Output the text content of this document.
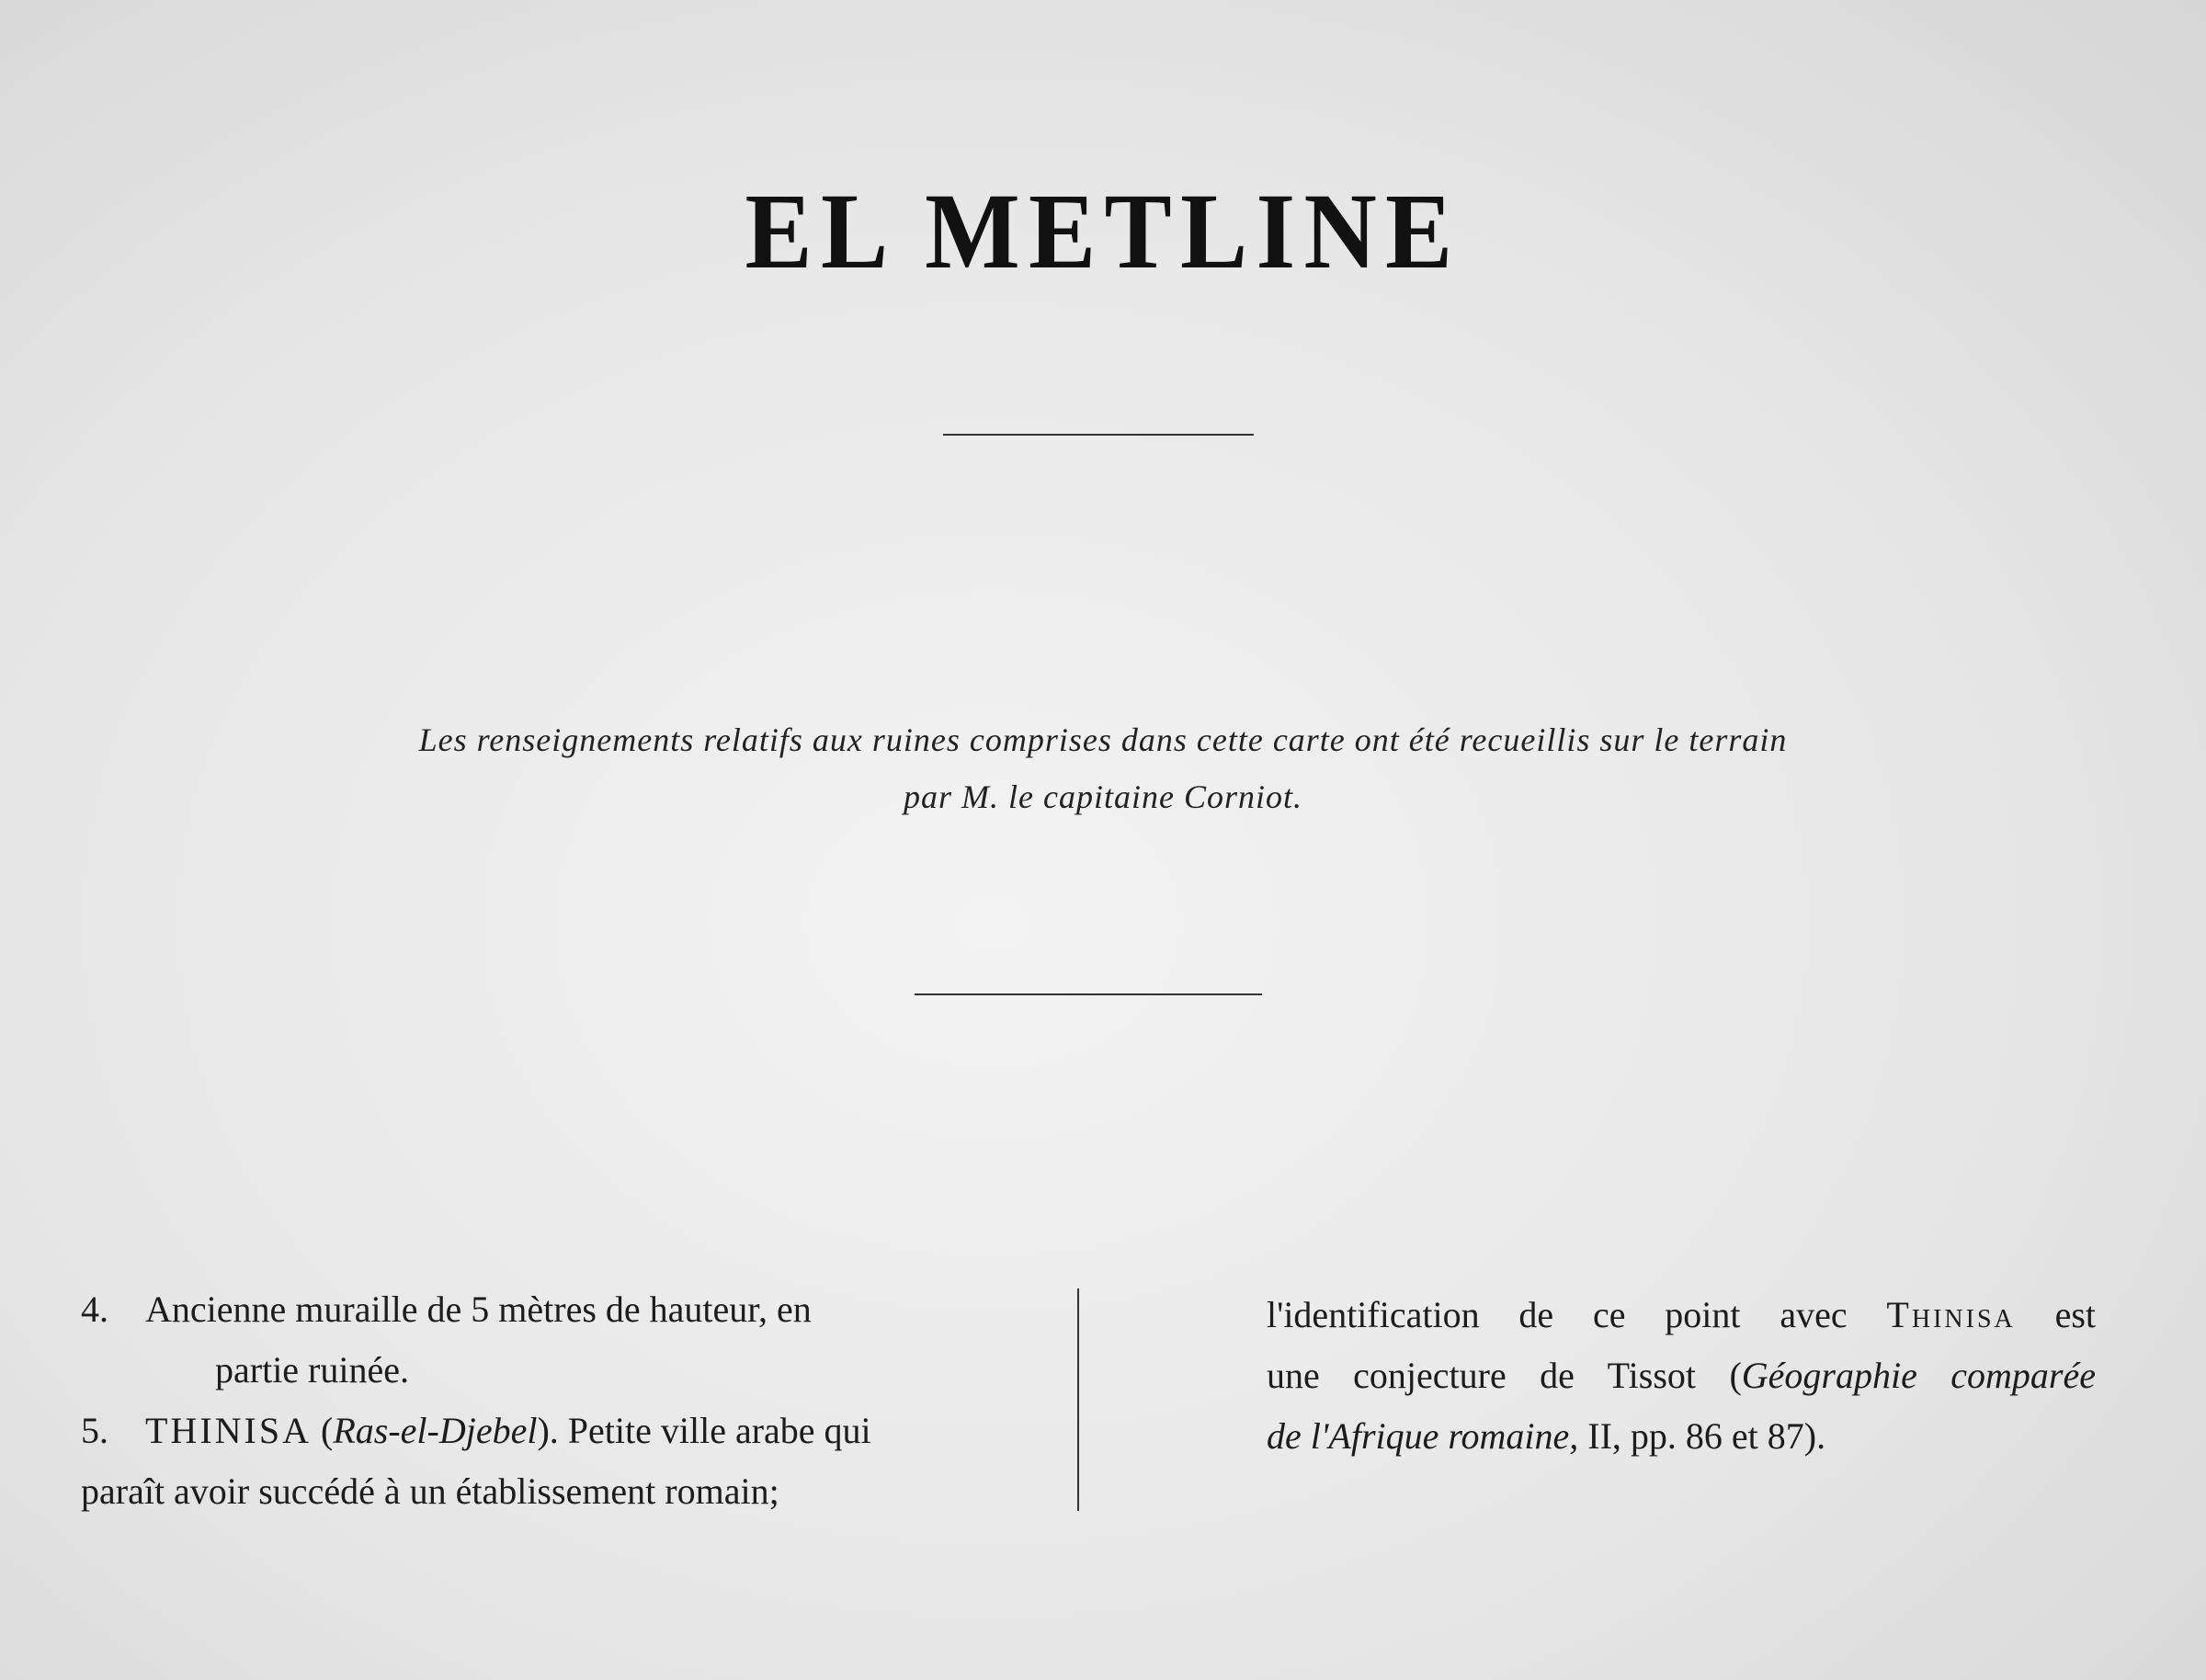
EL METLINE
Les renseignements relatifs aux ruines comprises dans cette carte ont été recueillis sur le terrain
par M. le capitaine Corniot.
4. Ancienne muraille de 5 mètres de hauteur, en
partie ruinée.
5. THINISA (Ras-el-Djebel). Petite ville arabe qui
paraît avoir succédé à un établissement romain;
l'identification de ce point avec Thinisa est
une conjecture de Tissot (Géographie comparée
de l'Afrique romaine, II, pp. 86 et 87).
